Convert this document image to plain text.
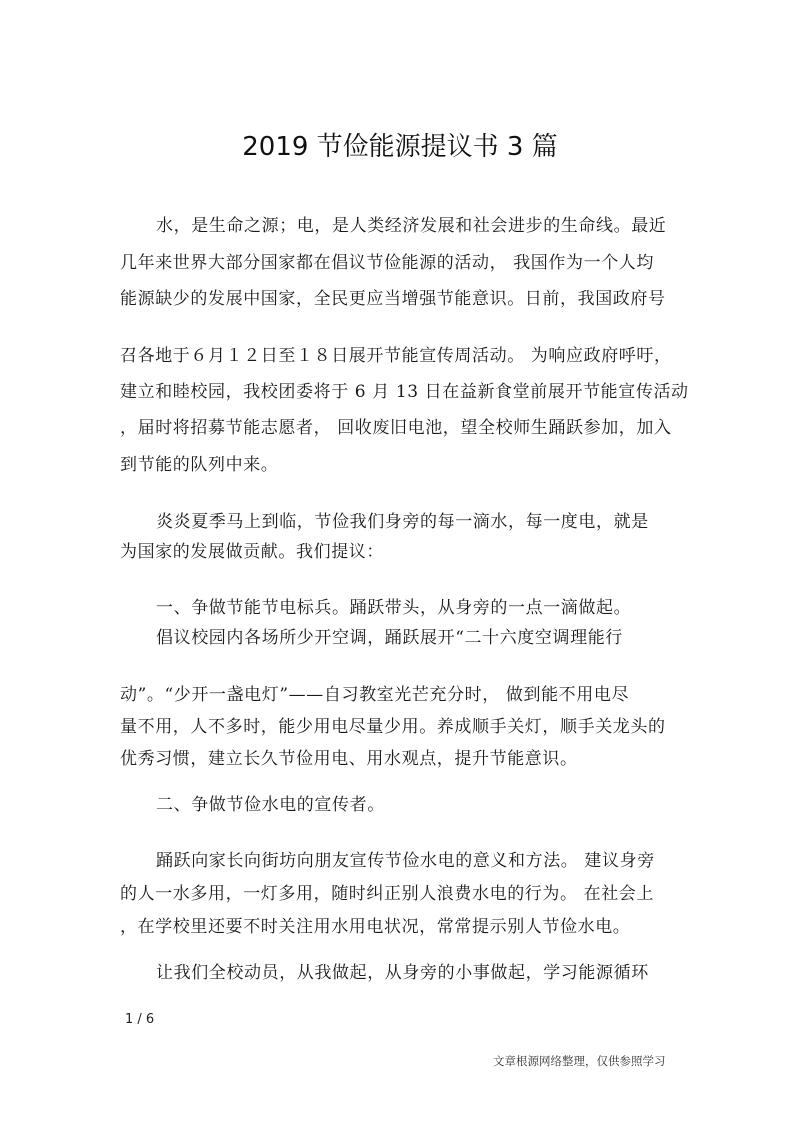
2019 节俭能源提议书 3 篇
水，是生命之源；电，是人类经济发展和社会进步的生命线。最近
几年来世界大部分国家都在倡议节俭能源的活动， 我国作为一个人均
能源缺少的发展中国家，全民更应当增强节能意识。日前，我国政府号
召各地于６月１２日至１８日展开节能宣传周活动。 为响应政府呼吁，
建立和睦校园，我校团委将于 6 月 13 日在益新食堂前展开节能宣传活动
，届时将招募节能志愿者， 回收废旧电池，望全校师生踊跃参加，加入
到节能的队列中来。
炎炎夏季马上到临，节俭我们身旁的每一滴水，每一度电，就是
为国家的发展做贡献。我们提议：
一、争做节能节电标兵。踊跃带头，从身旁的一点一滴做起。
倡议校园内各场所少开空调，踊跃展开“二十六度空调理能行
动”。“少开一盏电灯”——自习教室光芒充分时， 做到能不用电尽
量不用，人不多时，能少用电尽量少用。养成顺手关灯，顺手关龙头的
优秀习惯，建立长久节俭用电、用水观点，提升节能意识。
二、争做节俭水电的宣传者。
踊跃向家长向街坊向朋友宣传节俭水电的意义和方法。 建议身旁
的人一水多用，一灯多用，随时纠正别人浪费水电的行为。 在社会上
，在学校里还要不时关注用水用电状况，常常提示别人节俭水电。
让我们全校动员，从我做起，从身旁的小事做起，学习能源循环
1 / 6
文章根源网络整理，仅供参照学习
